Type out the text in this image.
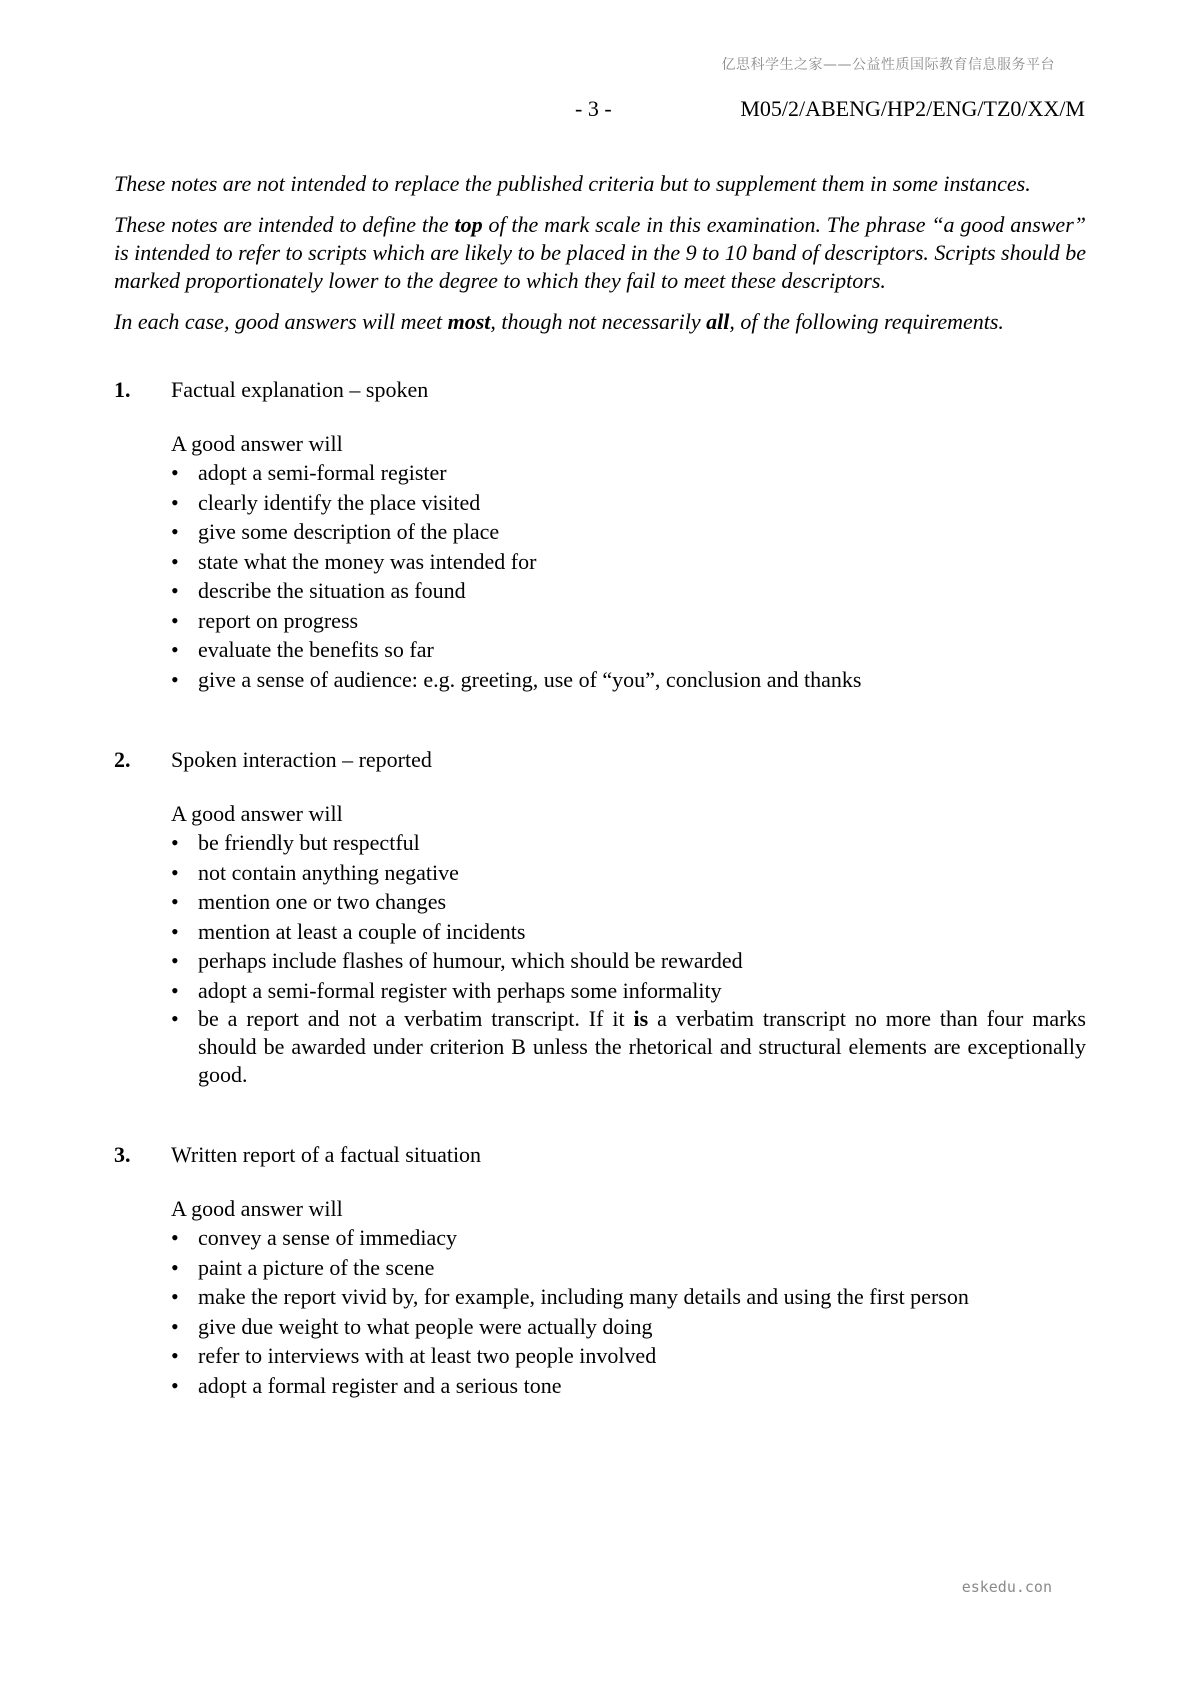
亿思科学生之家——公益性质国际教育信息服务平台
- 3 -	M05/2/ABENG/HP2/ENG/TZ0/XX/M

These notes are not intended to replace the published criteria but to supplement them in some instances.

These notes are intended to define the top of the mark scale in this examination. The phrase “a good answer” is intended to refer to scripts which are likely to be placed in the 9 to 10 band of descriptors. Scripts should be marked proportionately lower to the degree to which they fail to meet these descriptors.

In each case, good answers will meet most, though not necessarily all, of the following requirements.

1.	Factual explanation – spoken
A good answer will
• adopt a semi-formal register
• clearly identify the place visited
• give some description of the place
• state what the money was intended for
• describe the situation as found
• report on progress
• evaluate the benefits so far
• give a sense of audience: e.g. greeting, use of “you”, conclusion and thanks
2.	Spoken interaction – reported
A good answer will
• be friendly but respectful
• not contain anything negative
• mention one or two changes
• mention at least a couple of incidents
• perhaps include flashes of humour, which should be rewarded
• adopt a semi-formal register with perhaps some informality
• be a report and not a verbatim transcript. If it is a verbatim transcript no more than four marks should be awarded under criterion B unless the rhetorical and structural elements are exceptionally good.
3.	Written report of a factual situation
A good answer will
• convey a sense of immediacy
• paint a picture of the scene
• make the report vivid by, for example, including many details and using the first person
• give due weight to what people were actually doing
• refer to interviews with at least two people involved
• adopt a formal register and a serious tone
eskedu.con
